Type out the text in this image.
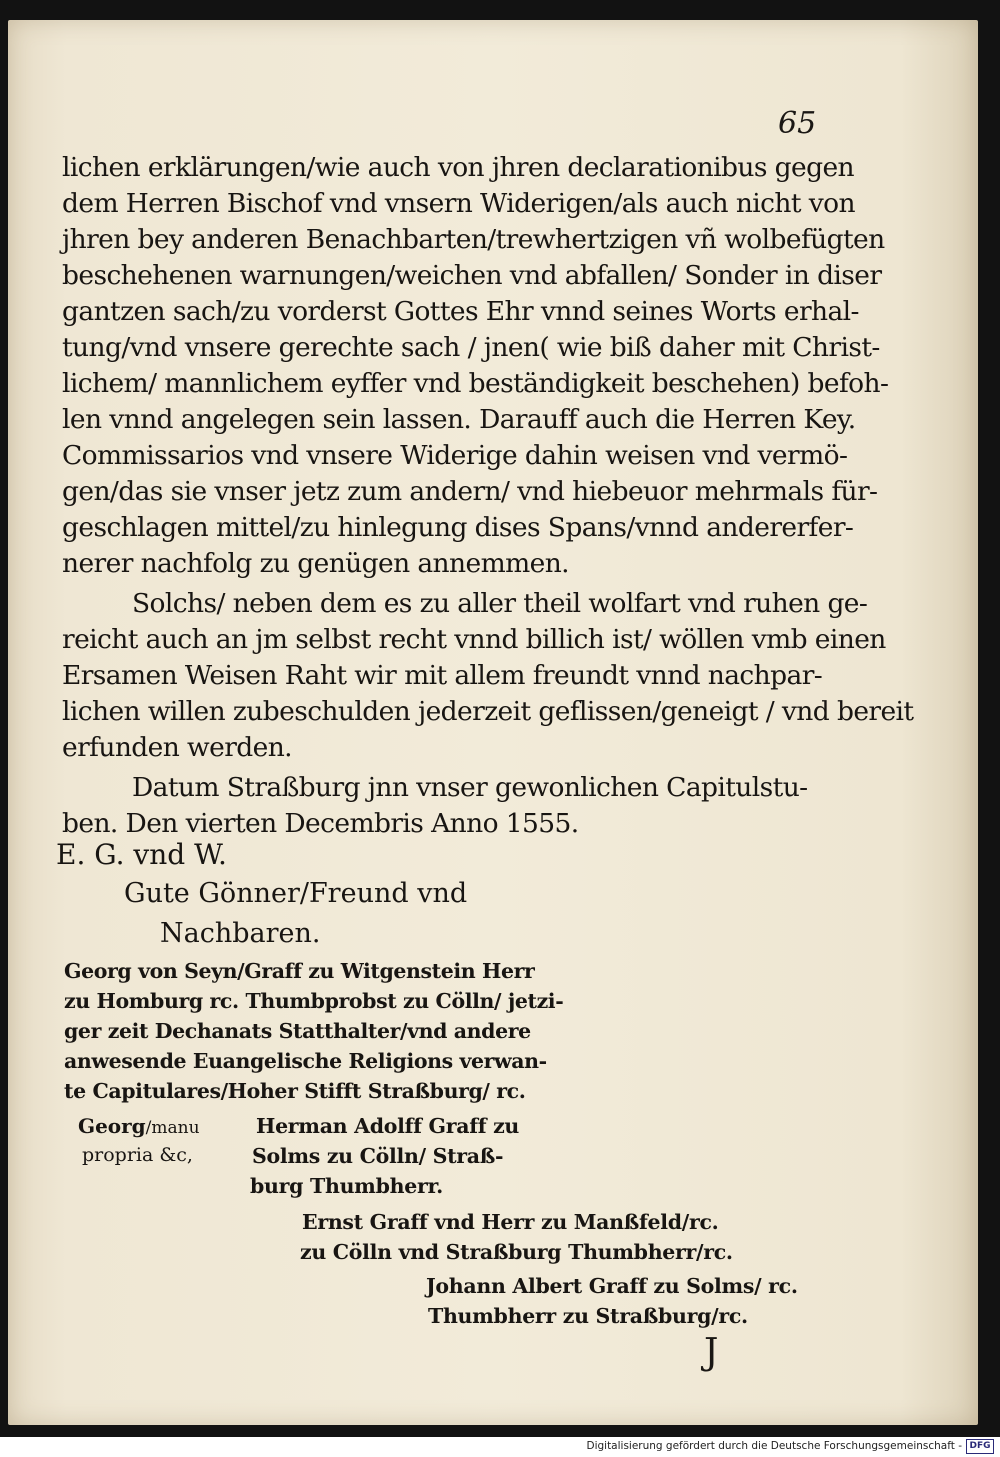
65

lichen erklärungen/wie auch von jhren declarationibus gegen

dem Herren Bischof vnd vnsern Widerigen/als auch nicht von

jhren bey anderen Benachbarten/trewhertzigen vñ wolbefügten

beschehenen warnungen/weichen vnd abfallen/ Sonder in diser

gantzen sach/zu vorderst Gottes Ehr vnnd seines Worts erhal-

tung/vnd vnsere gerechte sach / jnen( wie biß daher mit Christ-

lichem/ mannlichem eyffer vnd beständigkeit beschehen) befoh-

len vnnd angelegen sein lassen. Darauff auch die Herren Key.

Commissarios vnd vnsere Widerige dahin weisen vnd vermö-

gen/das sie vnser jetz zum andern/ vnd hiebeuor mehrmals für-

geschlagen mittel/zu hinlegung dises Spans/vnnd andererfer-

nerer nachfolg zu genügen annemmen.

Solchs/ neben dem es zu aller theil wolfart vnd ruhen ge-

reicht auch an jm selbst recht vnnd billich ist/ wöllen vmb einen

Ersamen Weisen Raht wir mit allem freundt vnnd nachpar-

lichen willen zubeschulden jederzeit geflissen/geneigt / vnd bereit

erfunden werden.

Datum Straßburg jnn vnser gewonlichen Capitulstu-

ben. Den vierten Decembris Anno 1555.

E. G. vnd W.

Gute Gönner/Freund vnd

Nachbaren.

Georg von Seyn/Graff zu Witgenstein Herr

zu Homburg rc. Thumbprobst zu Cölln/ jetzi-

ger zeit Dechanats Statthalter/vnd andere

anwesende Euangelische Religions verwan-

te Capitulares/Hoher Stifft Straßburg/ rc.

Georg/manu

propria &c,

Herman Adolff Graff zu

Solms zu Cölln/ Straß-

burg Thumbherr.

Ernst Graff vnd Herr zu Manßfeld/rc.

zu Cölln vnd Straßburg Thumbherr/rc.

Johann Albert Graff zu Solms/ rc.

Thumbherr zu Straßburg/rc.

J
Digitalisierung gefördert durch die Deutsche Forschungsgemeinschaft - DFG
